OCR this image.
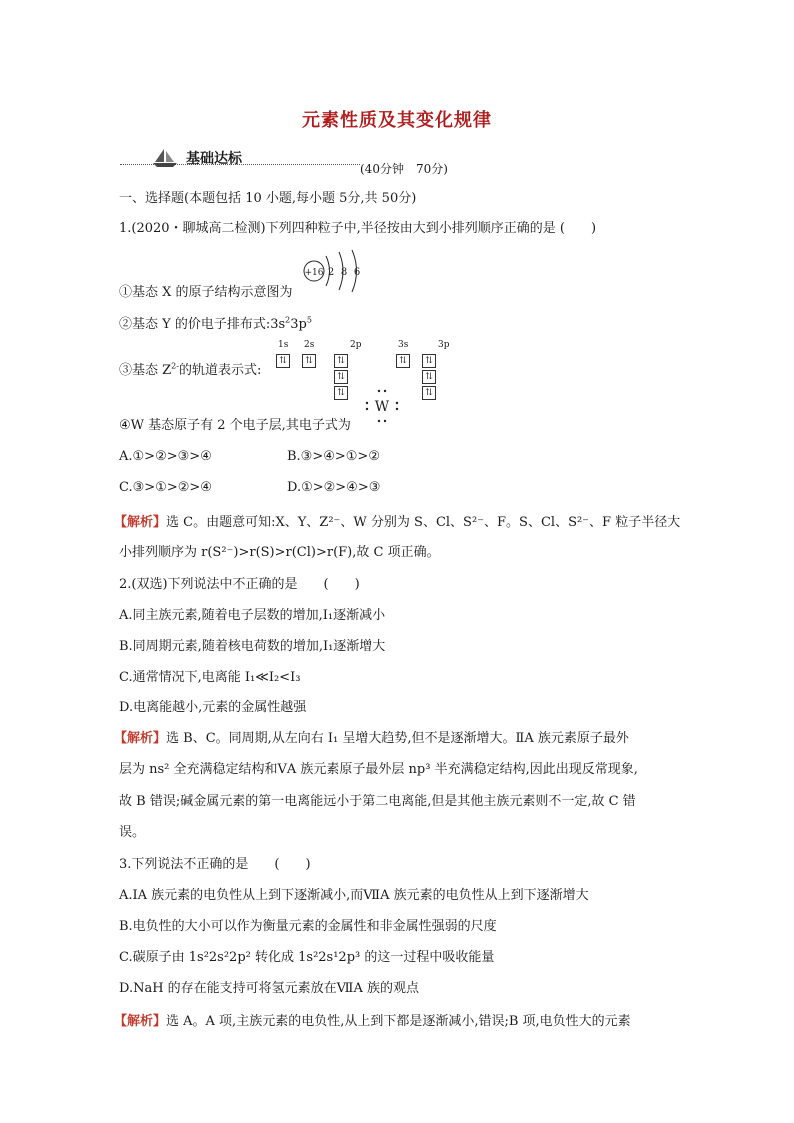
元素性质及其变化规律
基础达标
(40分钟　70分)
一、选择题(本题包括 10 小题,每小题 5分,共 50分)
1.(2020・聊城高二检测)下列四种粒子中,半径按由大到小排列顺序正确的是 (　　)
①基态 X 的原子结构示意图为
+16 2 8 6
②基态 Y 的价电子排布式$:3s^23p^5$
③基态 $Z^{2-}$的轨道表示式:
1s
⇅
2s
⇅
2p
⇅⇅⇅
3s
⇅
3p
⇅⇅⇅
④W 基态原子有 2 个电子层,其电子式为
W
A.①>②>③>④	B.③>④>①>②
C.③>①>②>④	D.①>②>④>③
【解析】选 C。由题意可知:X、Y、Z²⁻、W 分别为 S、Cl、S²⁻、F。S、Cl、S²⁻、F 粒子半径大
小排列顺序为 r(S²⁻)>r(S)>r(Cl)>r(F),故 C 项正确。
2.(双选)下列说法中不正确的是　　(　　)
A.同主族元素,随着电子层数的增加,I₁逐渐减小
B.同周期元素,随着核电荷数的增加,I₁逐渐增大
C.通常情况下,电离能 I₁≪I₂<I₃
D.电离能越小,元素的金属性越强
【解析】选 B、C。同周期,从左向右 I₁ 呈增大趋势,但不是逐渐增大。ⅡA 族元素原子最外
层为 ns² 全充满稳定结构和ⅤA 族元素原子最外层 np³ 半充满稳定结构,因此出现反常现象,
故 B 错误;碱金属元素的第一电离能远小于第二电离能,但是其他主族元素则不一定,故 C 错
误。
3.下列说法不正确的是　　(　　)
A.ⅠA 族元素的电负性从上到下逐渐减小,而ⅦA 族元素的电负性从上到下逐渐增大
B.电负性的大小可以作为衡量元素的金属性和非金属性强弱的尺度
C.碳原子由 1s²2s²2p² 转化成 1s²2s¹2p³ 的这一过程中吸收能量
D.NaH 的存在能支持可将氢元素放在ⅦA 族的观点
【解析】选 A。A 项,主族元素的电负性,从上到下都是逐渐减小,错误;B 项,电负性大的元素
